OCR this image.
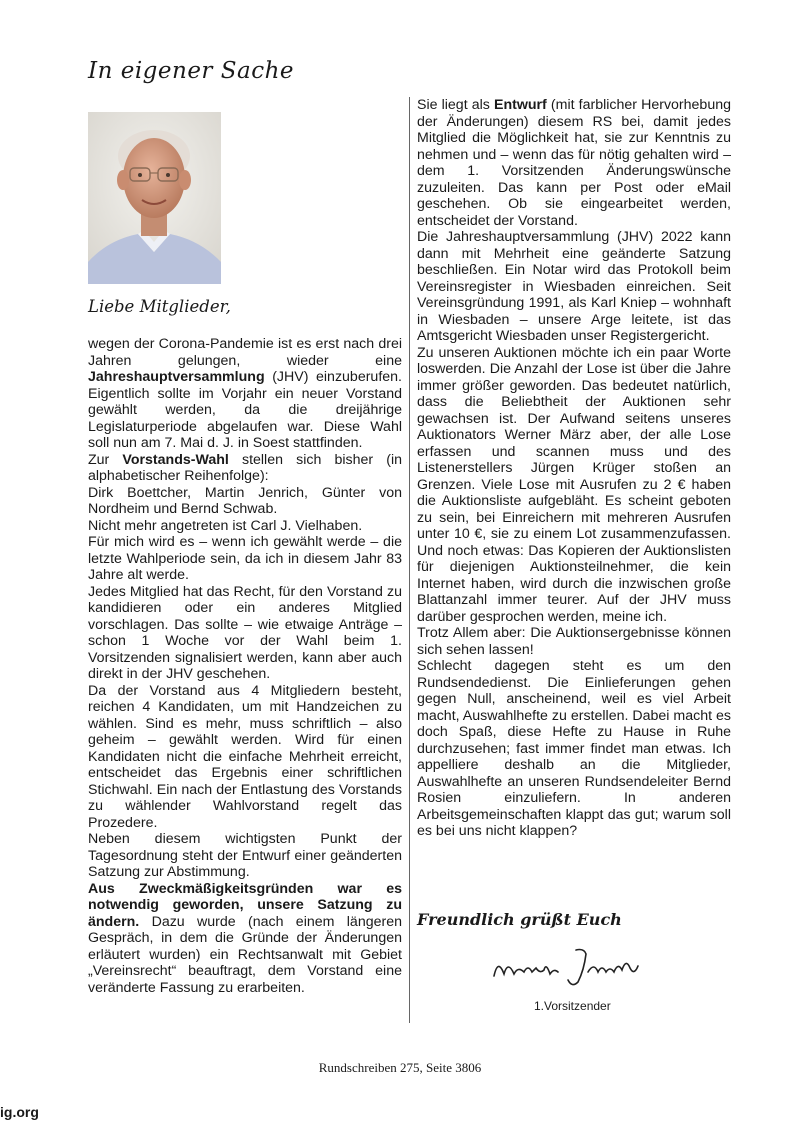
In eigener Sache
Liebe Mitglieder,

wegen der Corona-Pandemie ist es erst nach drei Jahren gelungen, wieder eine Jahreshauptversammlung (JHV) einzuberufen. Eigentlich sollte im Vorjahr ein neuer Vorstand gewählt werden, da die dreijährige Legislaturperiode abgelaufen war. Diese Wahl soll nun am 7. Mai d. J. in Soest stattfinden.

Zur Vorstands-Wahl stellen sich bisher (in alphabetischer Reihenfolge):

Dirk Boettcher, Martin Jenrich, Günter von Nordheim und Bernd Schwab.

Nicht mehr angetreten ist Carl J. Vielhaben.

Für mich wird es – wenn ich gewählt werde – die letzte Wahlperiode sein, da ich in diesem Jahr 83 Jahre alt werde.

Jedes Mitglied hat das Recht, für den Vorstand zu kandidieren oder ein anderes Mitglied vorschlagen. Das sollte – wie etwaige Anträge – schon 1 Woche vor der Wahl beim 1. Vorsitzenden signalisiert werden, kann aber auch direkt in der JHV geschehen.

Da der Vorstand aus 4 Mitgliedern besteht, reichen 4 Kandidaten, um mit Handzeichen zu wählen. Sind es mehr, muss schriftlich – also geheim – gewählt werden. Wird für einen Kandidaten nicht die einfache Mehrheit erreicht, entscheidet das Ergebnis einer schriftlichen Stichwahl. Ein nach der Entlastung des Vorstands zu wählender Wahlvorstand regelt das Prozedere.

Neben diesem wichtigsten Punkt der Tagesordnung steht der Entwurf einer geänderten Satzung zur Abstimmung.

Aus Zweckmäßigkeitsgründen war es notwendig geworden, unsere Satzung zu ändern. Dazu wurde (nach einem längeren Gespräch, in dem die Gründe der Änderungen erläutert wurden) ein Rechtsanwalt mit Gebiet „Vereinsrecht“ beauftragt, dem Vorstand eine veränderte Fassung zu erarbeiten.

Sie liegt als Entwurf (mit farblicher Hervorhebung der Änderungen) diesem RS bei, damit jedes Mitglied die Möglichkeit hat, sie zur Kenntnis zu nehmen und – wenn das für nötig gehalten wird – dem 1. Vorsitzenden Änderungswünsche zuzuleiten. Das kann per Post oder eMail geschehen. Ob sie eingearbeitet werden, entscheidet der Vorstand.

Die Jahreshauptversammlung (JHV) 2022 kann dann mit Mehrheit eine geänderte Satzung beschließen. Ein Notar wird das Protokoll beim Vereinsregister in Wiesbaden einreichen. Seit Vereinsgründung 1991, als Karl Kniep – wohnhaft in Wiesbaden – unsere Arge leitete, ist das Amtsgericht Wiesbaden unser Registergericht.

Zu unseren Auktionen möchte ich ein paar Worte loswerden. Die Anzahl der Lose ist über die Jahre immer größer geworden. Das bedeutet natürlich, dass die Beliebtheit der Auktionen sehr gewachsen ist. Der Aufwand seitens unseres Auktionators Werner März aber, der alle Lose erfassen und scannen muss und des Listenerstellers Jürgen Krüger stoßen an Grenzen. Viele Lose mit Ausrufen zu 2 € haben die Auktionsliste aufgebläht. Es scheint geboten zu sein, bei Einreichern mit mehreren Ausrufen unter 10 €, sie zu einem Lot zusammenzufassen. Und noch etwas: Das Kopieren der Auktionslisten für diejenigen Auktionsteilnehmer, die kein Internet haben, wird durch die inzwischen große Blattanzahl immer teurer. Auf der JHV muss darüber gesprochen werden, meine ich.

Trotz Allem aber: Die Auktionsergebnisse können sich sehen lassen!

Schlecht dagegen steht es um den Rundsendedienst. Die Einlieferungen gehen gegen Null, anscheinend, weil es viel Arbeit macht, Auswahlhefte zu erstellen. Dabei macht es doch Spaß, diese Hefte zu Hause in Ruhe durchzusehen; fast immer findet man etwas. Ich appelliere deshalb an die Mitglieder, Auswahlhefte an unseren Rundsendeleiter Bernd Rosien einzuliefern. In anderen Arbeitsgemeinschaften klappt das gut; warum soll es bei uns nicht klappen?

Freundlich grüßt Euch
1.Vorsitzender
Rundschreiben 275, Seite 3806
ig.org
